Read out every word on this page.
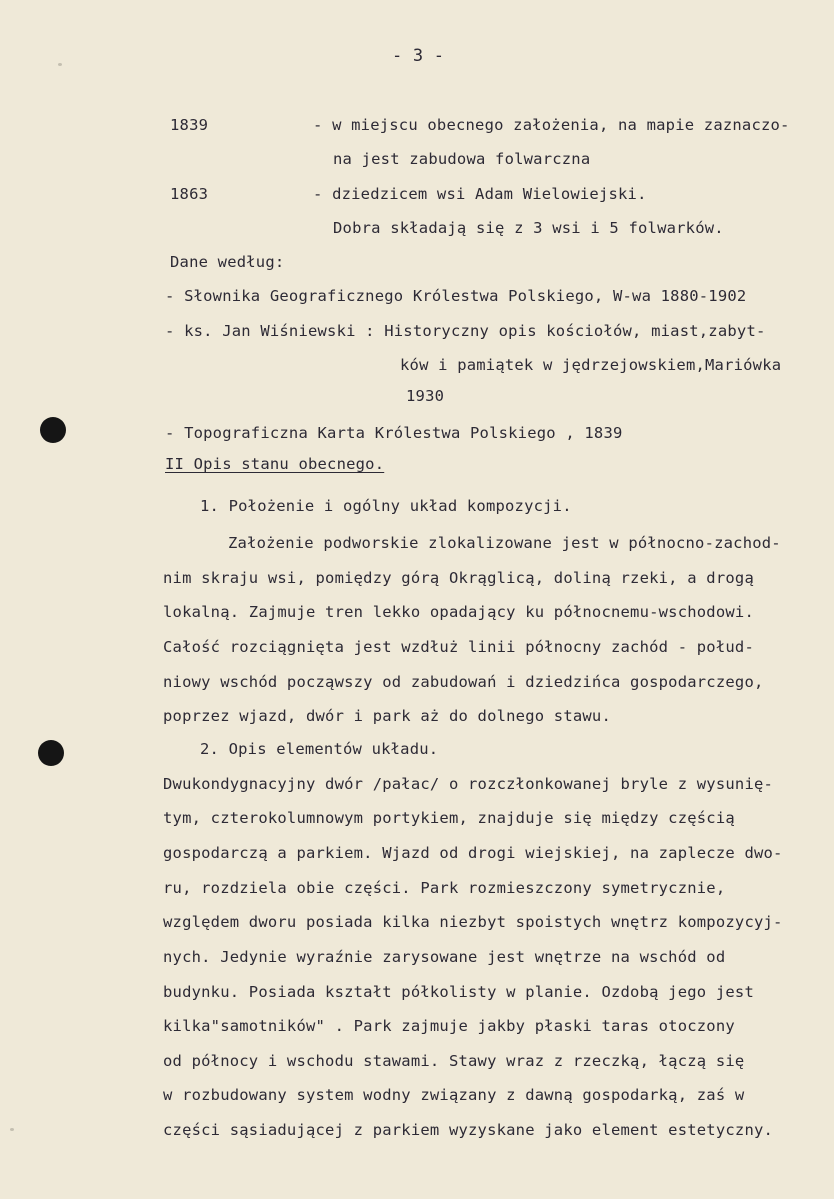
- 3 -
1839	- w miejscu obecnego założenia, na mapie zaznaczo-
na jest zabudowa folwarczna
1863	- dziedzicem wsi Adam Wielowiejski.
Dobra składają się z 3 wsi i 5 folwarków.
Dane według:
- Słownika Geograficznego Królestwa Polskiego, W-wa 1880-1902
- ks. Jan Wiśniewski : Historyczny opis kościołów, miast,zabyt-
ków i pamiątek w jędrzejowskiem,Mariówka
1930
- Topograficzna Karta Królestwa Polskiego , 1839
II Opis stanu obecnego.
1. Położenie i ogólny układ kompozycji.
Założenie podworskie zlokalizowane jest w północno-zachod-
nim skraju wsi, pomiędzy górą Okrąglicą, doliną rzeki, a drogą
lokalną. Zajmuje tren lekko opadający ku północnemu-wschodowi.
Całość rozciągnięta jest wzdłuż linii północny zachód - połud-
niowy wschód począwszy od zabudowań i dziedzińca gospodarczego,
poprzez wjazd, dwór i park aż do dolnego stawu.
2. Opis elementów układu.
Dwukondygnacyjny dwór /pałac/ o rozczłonkowanej bryle z wysunię-
tym, czterokolumnowym portykiem, znajduje się między częścią
gospodarczą a parkiem. Wjazd od drogi wiejskiej, na zaplecze dwo-
ru, rozdziela obie części. Park rozmieszczony symetrycznie,
względem dworu posiada kilka niezbyt spoistych wnętrz kompozycyj-
nych. Jedynie wyraźnie zarysowane jest wnętrze na wschód od
budynku. Posiada kształt półkolisty w planie. Ozdobą jego jest
kilka"samotników" . Park zajmuje jakby płaski taras otoczony
od północy i wschodu stawami. Stawy wraz z rzeczką, łączą się
w rozbudowany system wodny związany z dawną gospodarką, zaś w
części sąsiadującej z parkiem wyzyskane jako element estetyczny.
